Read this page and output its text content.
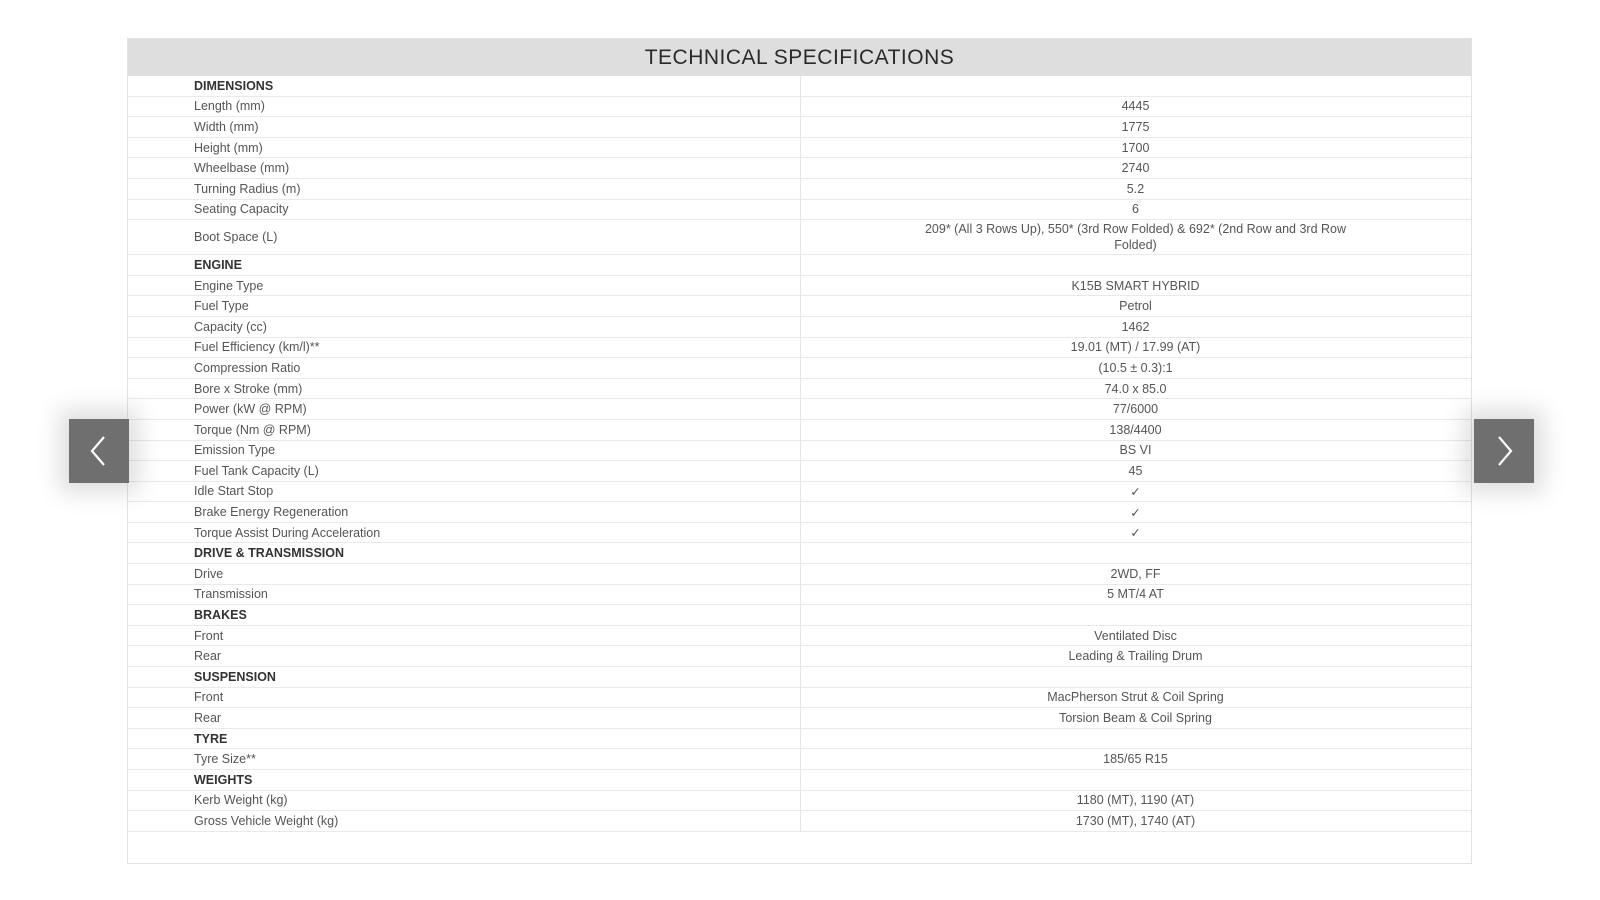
TECHNICAL SPECIFICATIONS
DIMENSIONS	
Length (mm)	4445
Width (mm)	1775
Height (mm)	1700
Wheelbase (mm)	2740
Turning Radius (m)	5.2
Seating Capacity	6
Boot Space (L)	209* (All 3 Rows Up), 550* (3rd Row Folded) & 692* (2nd Row and 3rd Row Folded)
ENGINE	
Engine Type	K15B SMART HYBRID
Fuel Type	Petrol
Capacity (cc)	1462
Fuel Efficiency (km/l)**	19.01 (MT) / 17.99 (AT)
Compression Ratio	(10.5 ± 0.3):1
Bore x Stroke (mm)	74.0 x 85.0
Power (kW @ RPM)	77/6000
Torque (Nm @ RPM)	138/4400
Emission Type	BS VI
Fuel Tank Capacity (L)	45
Idle Start Stop	✓
Brake Energy Regeneration	✓
Torque Assist During Acceleration	✓
DRIVE & TRANSMISSION	
Drive	2WD, FF
Transmission	5 MT/4 AT
BRAKES	
Front	Ventilated Disc
Rear	Leading & Trailing Drum
SUSPENSION	
Front	MacPherson Strut & Coil Spring
Rear	Torsion Beam & Coil Spring
TYRE	
Tyre Size**	185/65 R15
WEIGHTS	
Kerb Weight (kg)	1180 (MT), 1190 (AT)
Gross Vehicle Weight (kg)	1730 (MT), 1740 (AT)
